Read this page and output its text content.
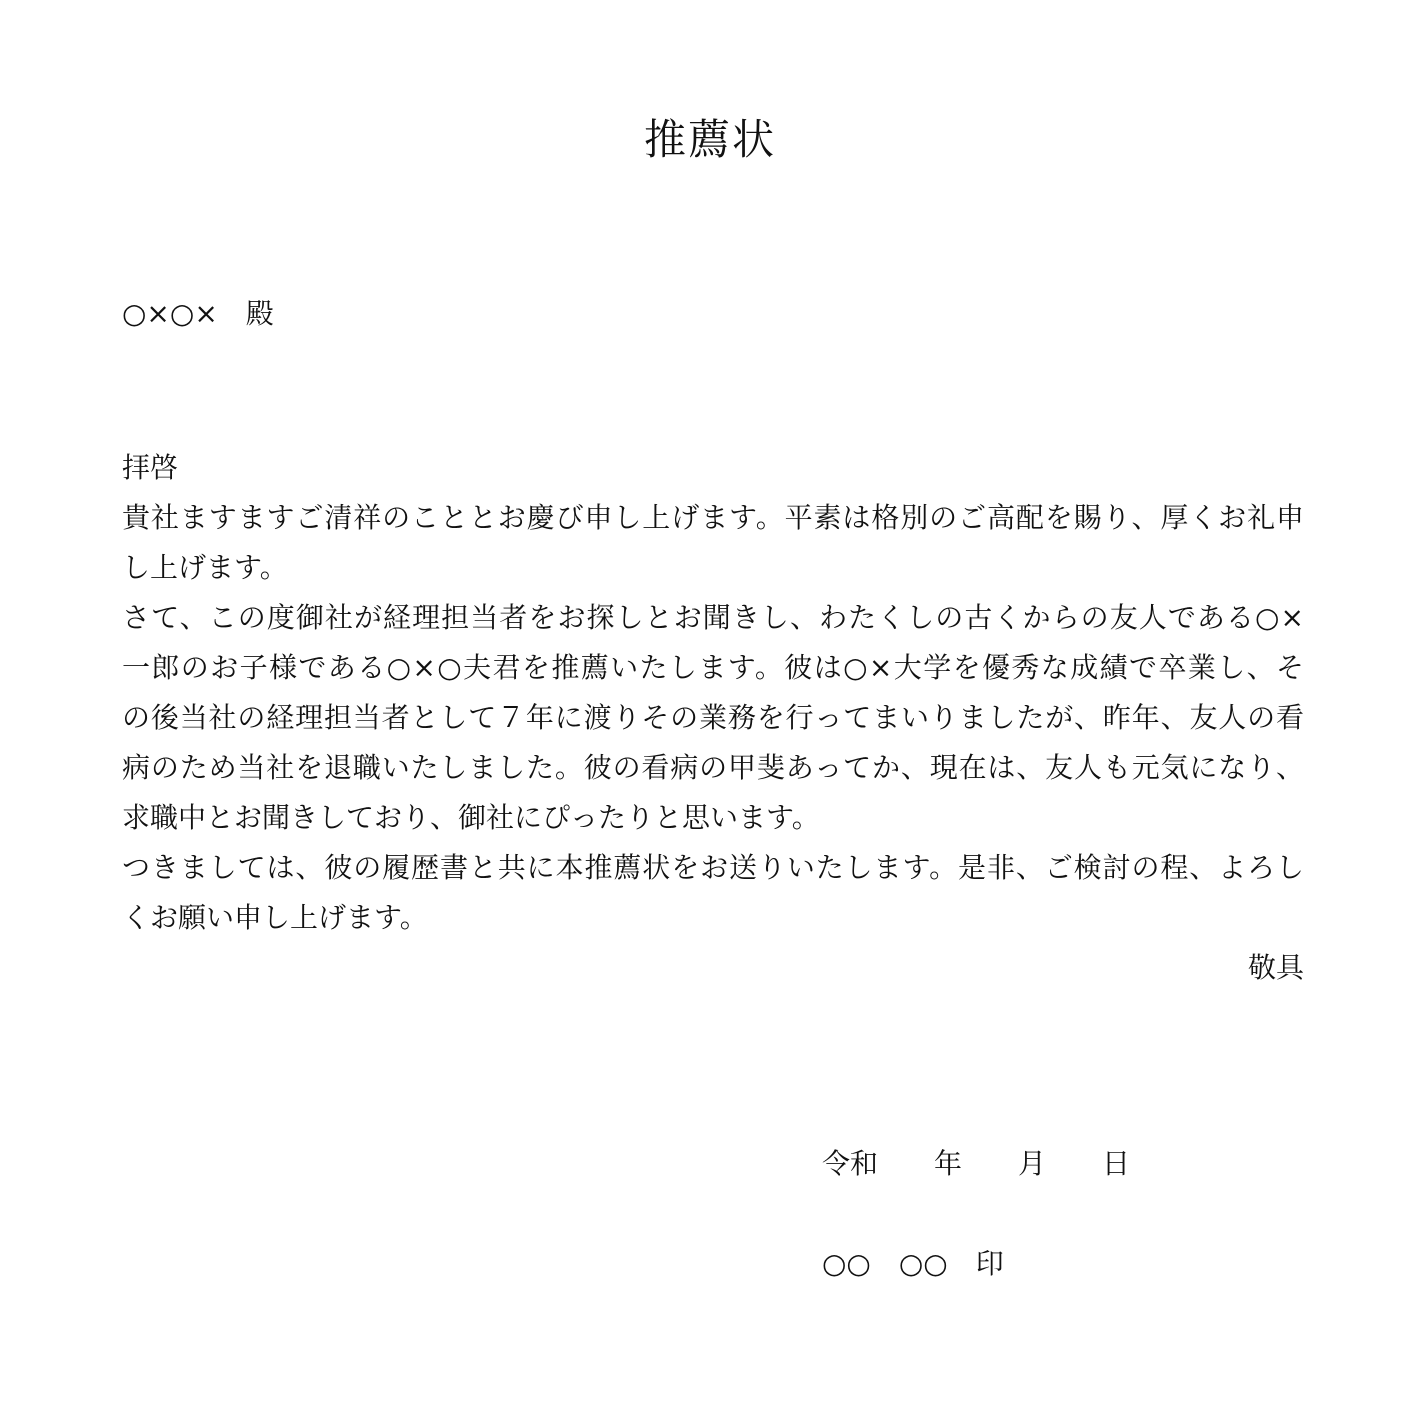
推薦状
○×○×　殿
拝啓
貴社ますますご清祥のこととお慶び申し上げます。平素は格別のご高配を賜り、厚くお礼申
し上げます。
さて、この度御社が経理担当者をお探しとお聞きし、わたくしの古くからの友人である○×
一郎のお子様である○×○夫君を推薦いたします。彼は○×大学を優秀な成績で卒業し、そ
の後当社の経理担当者として７年に渡りその業務を行ってまいりましたが、昨年、友人の看
病のため当社を退職いたしました。彼の看病の甲斐あってか、現在は、友人も元気になり、
求職中とお聞きしており、御社にぴったりと思います。
つきましては、彼の履歴書と共に本推薦状をお送りいたします。是非、ご検討の程、よろし
くお願い申し上げます。
敬具
令和　　年　　月　　日
○○　○○　印
